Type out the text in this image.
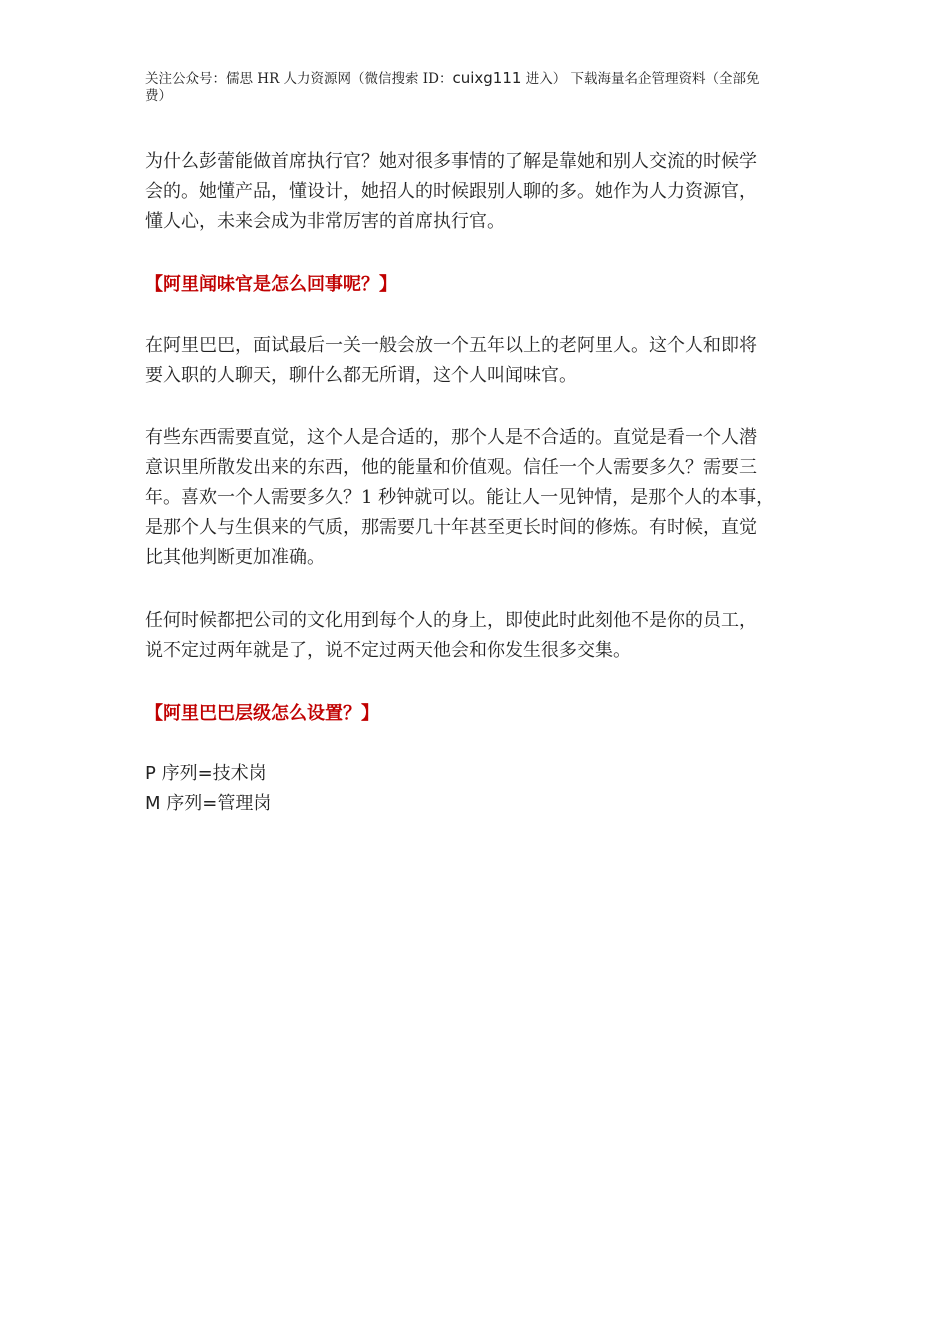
关注公众号：儒思 HR 人力资源网（微信搜索 ID：cuixg111 进入） 下载海量名企管理资料（全部免
费）
为什么彭蕾能做首席执行官？她对很多事情的了解是靠她和别人交流的时候学
会的。她懂产品，懂设计，她招人的时候跟别人聊的多。她作为人力资源官，
懂人心，未来会成为非常厉害的首席执行官。
【阿里闻味官是怎么回事呢？】
在阿里巴巴，面试最后一关一般会放一个五年以上的老阿里人。这个人和即将
要入职的人聊天，聊什么都无所谓，这个人叫闻味官。
有些东西需要直觉，这个人是合适的，那个人是不合适的。直觉是看一个人潜
意识里所散发出来的东西，他的能量和价值观。信任一个人需要多久？需要三
年。喜欢一个人需要多久？1 秒钟就可以。能让人一见钟情，是那个人的本事，
是那个人与生俱来的气质，那需要几十年甚至更长时间的修炼。有时候，直觉
比其他判断更加准确。
任何时候都把公司的文化用到每个人的身上，即使此时此刻他不是你的员工，
说不定过两年就是了，说不定过两天他会和你发生很多交集。
【阿里巴巴层级怎么设置？】
P 序列=技术岗
M 序列=管理岗
